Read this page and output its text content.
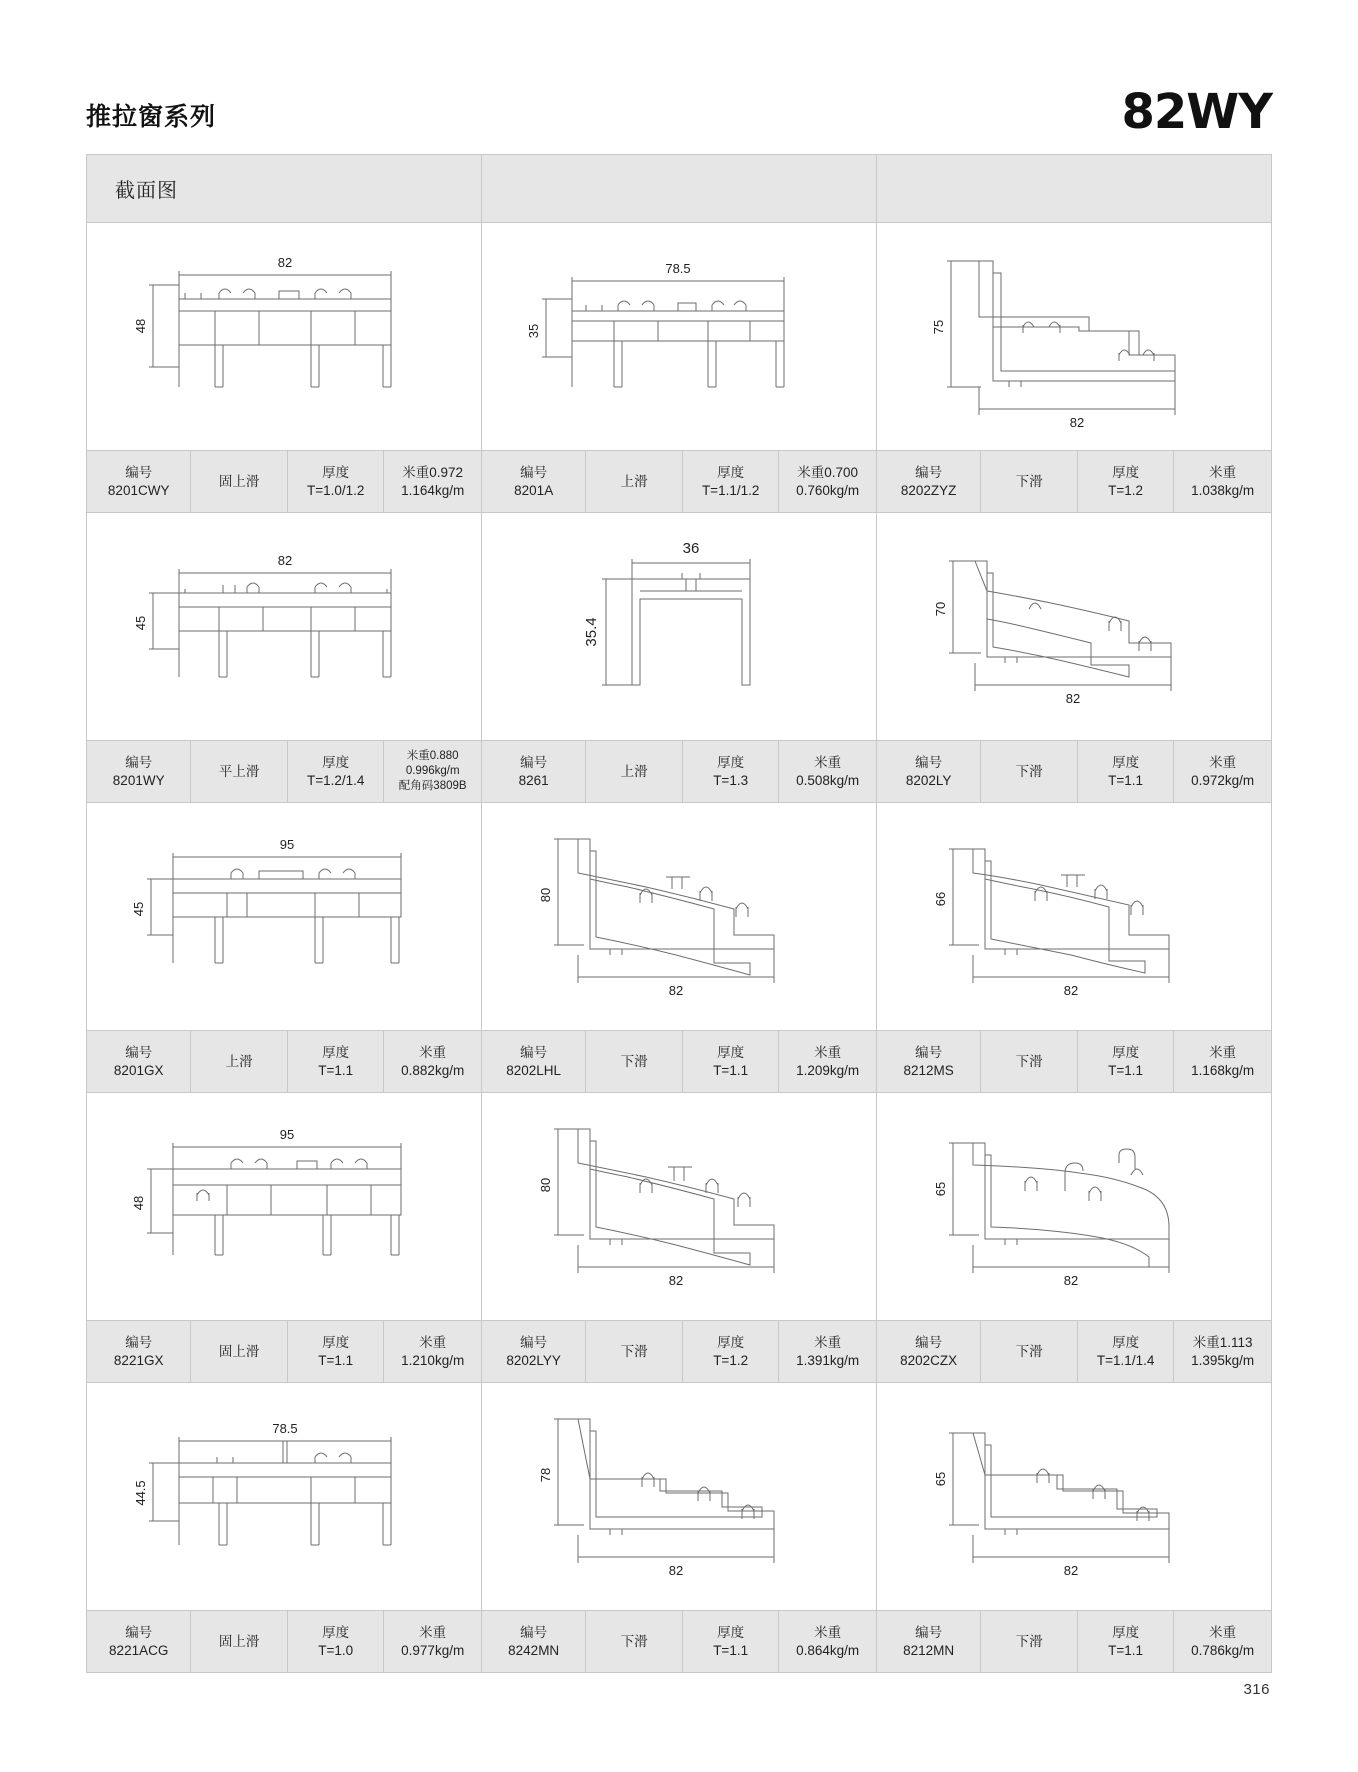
推拉窗系列	82WY
截面图
82
48
78.5
35	75
82
编号
8201CWY
固上滑
厚度
T=1.0/1.2
米重0.972
1.164kg/m
编号
8201A
上滑
厚度
T=1.1/1.2
米重0.700
0.760kg/m
编号
8202ZYZ
下滑
厚度
T=1.2
米重
1.038kg/m
82
45
36
35.4
70
82
编号
8201WY
平上滑
厚度
T=1.2/1.4
米重0.880
0.996kg/m
配角码3809B
编号
8261
上滑
厚度
T=1.3
米重
0.508kg/m
编号
8202LY
下滑
厚度
T=1.1
米重
0.972kg/m
95
45
80
82
66
82
编号
8201GX
上滑
厚度
T=1.1
米重
0.882kg/m
编号
8202LHL
下滑
厚度
T=1.1
米重
1.209kg/m
编号
8212MS
下滑
厚度
T=1.1
米重
1.168kg/m
95
48
80
82
65
82
编号
8221GX
固上滑
厚度
T=1.1
米重
1.210kg/m
编号
8202LYY
下滑
厚度
T=1.2
米重
1.391kg/m
编号
8202CZX
下滑
厚度
T=1.1/1.4
米重1.113
1.395kg/m
78.5
44.5
78
82
65
82
编号
8221ACG
固上滑
厚度
T=1.0
米重
0.977kg/m
编号
8242MN
下滑
厚度
T=1.1
米重
0.864kg/m
编号
8212MN
下滑
厚度
T=1.1
米重
0.786kg/m
316
